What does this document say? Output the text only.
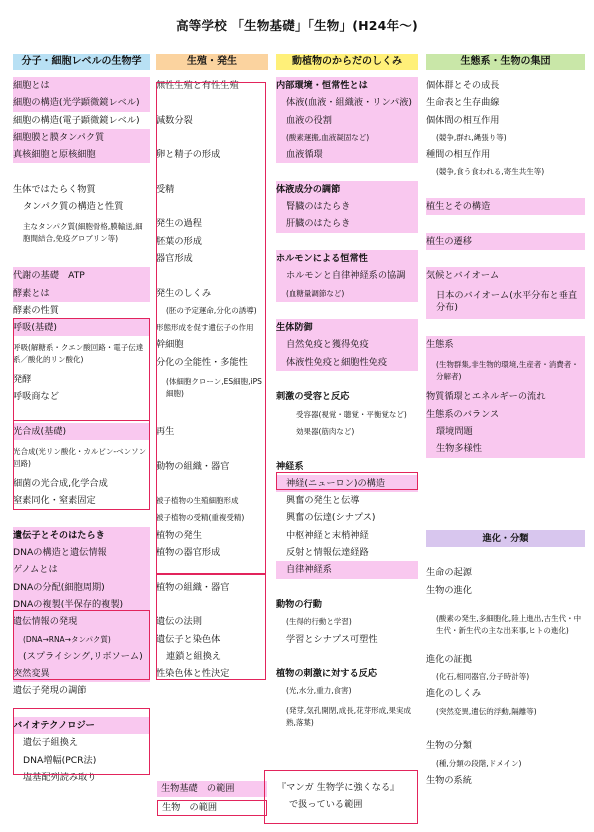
高等学校 「生物基礎」「生物」(H24年～)
分子・細胞レベルの生物学
細胞とは
細胞の構造(光学顕微鏡レベル)
細胞の構造(電子顕微鏡レベル)
細胞膜と膜タンパク質
真核細胞と原核細胞
生体ではたらく物質
タンパク質の構造と性質
主なタンパク質(細胞骨格,膜輸送,細胞間結合,免疫グロブリン等)
代謝の基礎　ATP
酵素とは
酵素の性質
呼吸(基礎)
呼吸(解糖系・クエン酸回路・電子伝達系／酸化的リン酸化)
発酵
呼吸商など
光合成(基礎)
光合成(光リン酸化・カルビン-ベンソン回路)
細菌の光合成,化学合成
窒素同化・窒素固定
遺伝子とそのはたらき
DNAの構造と遺伝情報
ゲノムとは
DNAの分配(細胞周期)
DNAの複製(半保存的複製)
遺伝情報の発現
(DNA→RNA→タンパク質)
(スプライシング,リボソーム)
突然変異
遺伝子発現の調節
バイオテクノロジー
遺伝子組換え
DNA増幅(PCR法)
塩基配列読み取り
生殖・発生
無性生殖と有性生殖
減数分裂
卵と精子の形成
受精
発生の過程
胚葉の形成
器官形成
発生のしくみ
(胚の予定運命,分化の誘導)
形態形成を促す遺伝子の作用
幹細胞
分化の全能性・多能性
(体細胞クローン,ES細胞,iPS細胞)
再生
動物の組織・器官
被子植物の生殖細胞形成
被子植物の受精(重複受精)
植物の発生
植物の器官形成
植物の組織・器官
遺伝の法則
遺伝子と染色体
連鎖と組換え
性染色体と性決定
動植物のからだのしくみ
内部環境・恒常性とは
体液(血液・組織液・リンパ液)
血液の役割
(酸素運搬,血液凝固など)
血液循環
体液成分の調節
腎臓のはたらき
肝臓のはたらき
ホルモンによる恒常性
ホルモンと自律神経系の協調
(血糖量調節など)
生体防御
自然免疫と獲得免疫
体液性免疫と細胞性免疫
刺激の受容と反応
受容器(視覚・聴覚・平衡覚など)
効果器(筋肉など)
神経系
神経(ニューロン)の構造
興奮の発生と伝導
興奮の伝達(シナプス)
中枢神経と末梢神経
反射と情報伝達経路
自律神経系
動物の行動
(生得的行動と学習)
学習とシナプス可塑性
植物の刺激に対する反応
(光,水分,重力,食害)
(発芽,気孔開閉,成長,花芽形成,果実成熟,落葉)
生態系・生物の集団
個体群とその成長
生命表と生存曲線
個体間の相互作用
(競争,群れ,縄張り等)
種間の相互作用
(競争,食う食われる,寄生共生等)
植生とその構造
植生の遷移
気候とバイオーム
日本のバイオーム(水平分布と垂直分布)
生態系
(生物群集,非生物的環境,生産者・消費者・分解者)
物質循環とエネルギーの流れ
生態系のバランス
環境問題
生物多様性
進化・分類
生命の起源
生物の進化
(酸素の発生,多細胞化,陸上進出,古生代・中生代・新生代の主な出来事,ヒトの進化)
進化の証拠
(化石,相同器官,分子時計等)
進化のしくみ
(突然変異,遺伝的浮動,隔離等)
生物の分類
(種,分類の段階,ドメイン)
生物の系統
生物基礎　の範囲
生物　の範囲
『マンガ 生物学に強くなる』
で扱っている範囲
